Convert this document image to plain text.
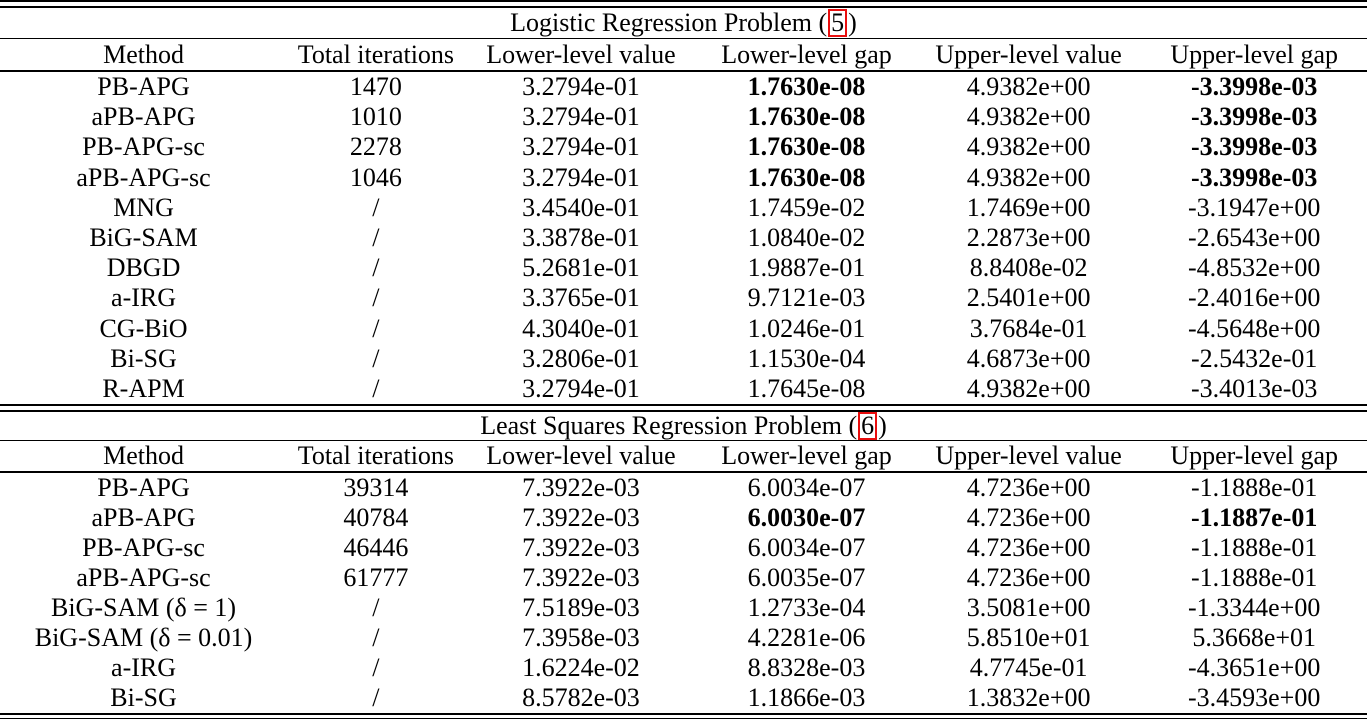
Logistic Regression Problem ( 5 )
Method	Total iterations	Lower-level value	Lower-level gap	Upper-level value	Upper-level gap
PB-APG	1470	3.2794e-01	1.7630e-08	4.9382e+00	-3.3998e-03
aPB-APG	1010	3.2794e-01	1.7630e-08	4.9382e+00	-3.3998e-03
PB-APG-sc	2278	3.2794e-01	1.7630e-08	4.9382e+00	-3.3998e-03
aPB-APG-sc	1046	3.2794e-01	1.7630e-08	4.9382e+00	-3.3998e-03
MNG	/	3.4540e-01	1.7459e-02	1.7469e+00	-3.1947e+00
BiG-SAM	/	3.3878e-01	1.0840e-02	2.2873e+00	-2.6543e+00
DBGD	/	5.2681e-01	1.9887e-01	8.8408e-02	-4.8532e+00
a-IRG	/	3.3765e-01	9.7121e-03	2.5401e+00	-2.4016e+00
CG-BiO	/	4.3040e-01	1.0246e-01	3.7684e-01	-4.5648e+00
Bi-SG	/	3.2806e-01	1.1530e-04	4.6873e+00	-2.5432e-01
R-APM	/	3.2794e-01	1.7645e-08	4.9382e+00	-3.4013e-03
Least Squares Regression Problem ( 6 )
Method	Total iterations	Lower-level value	Lower-level gap	Upper-level value	Upper-level gap
PB-APG	39314	7.3922e-03	6.0034e-07	4.7236e+00	-1.1888e-01
aPB-APG	40784	7.3922e-03	6.0030e-07	4.7236e+00	-1.1887e-01
PB-APG-sc	46446	7.3922e-03	6.0034e-07	4.7236e+00	-1.1888e-01
aPB-APG-sc	61777	7.3922e-03	6.0035e-07	4.7236e+00	-1.1888e-01
BiG-SAM (δ = 1)	/	7.5189e-03	1.2733e-04	3.5081e+00	-1.3344e+00
BiG-SAM (δ = 0.01)	/	7.3958e-03	4.2281e-06	5.8510e+01	5.3668e+01
a-IRG	/	1.6224e-02	8.8328e-03	4.7745e-01	-4.3651e+00
Bi-SG	/	8.5782e-03	1.1866e-03	1.3832e+00	-3.4593e+00
